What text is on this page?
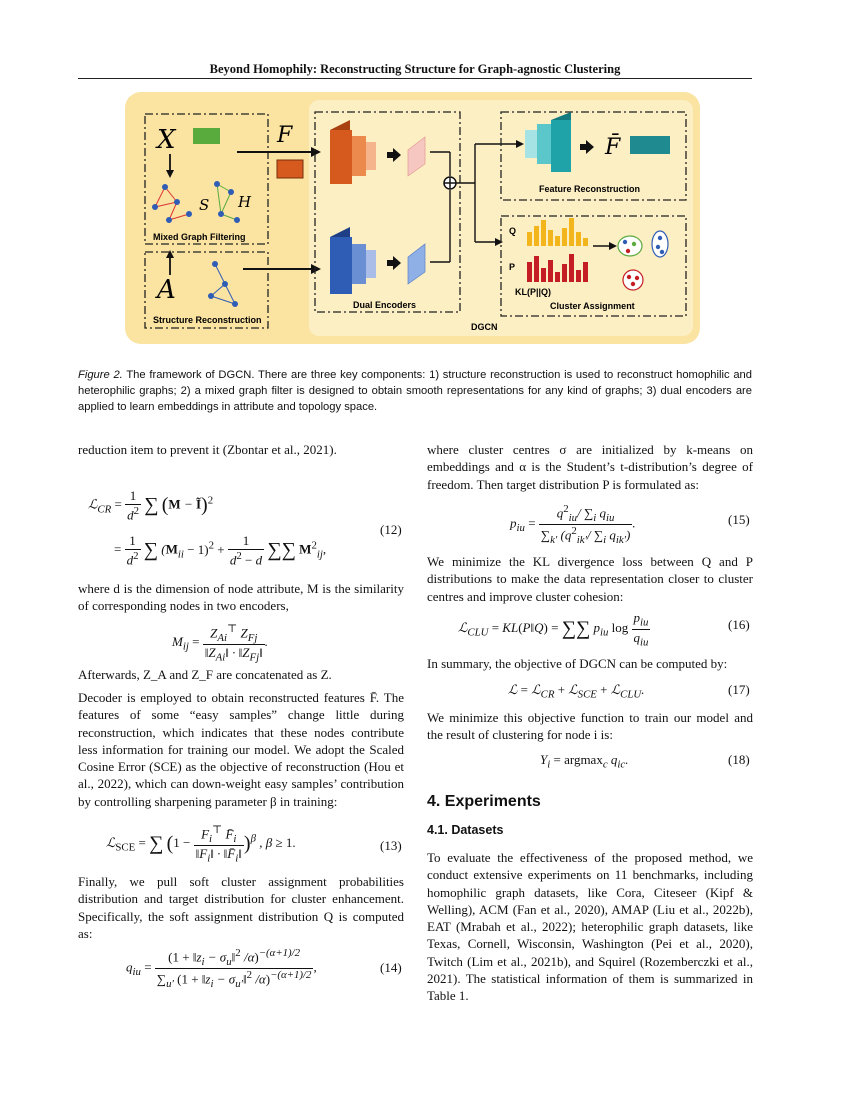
Beyond Homophily: Reconstructing Structure for Graph-agnostic Clustering
X
S H
Mixed Graph Filtering
A
Structure Reconstruction
F
Dual Encoders
F̄
Feature Reconstruction
Q
P
KL(P||Q)
Cluster Assignment
DGCN
Figure 2. The framework of DGCN. There are three key components: 1) structure reconstruction is used to reconstruct homophilic and heterophilic graphs; 2) a mixed graph filter is designed to obtain smooth representations for any kind of graphs; 3) dual encoders are applied to learn embeddings in attribute and topology space.
reduction item to prevent it (Zbontar et al., 2021).
ℒ$_{CR}$ = $\frac{1}{d^2}$ ∑ (M − Ĩ)$^2$
= $\frac{1}{d^2}$ ∑ $(M_{ii} - 1)^2 + \frac{1}{d^2 - d}$ ∑∑ $M^2_{ij}$,
(12)
where d is the dimension of node attribute, M is the similarity of corresponding nodes in two encoders,
$M_{ij} = \frac{Z_{Ai}^⊤ Z_{Fj}}{‖Z_{Ai}‖ \cdot ‖Z_{Fj}‖}$ .
Afterwards, Z_A and Z_F are concatenated as Z.
Decoder is employed to obtain reconstructed features F̄. The features of some “easy samples” change little during reconstruction, which indicates that these nodes contribute less information for training our model. We adopt the Scaled Cosine Error (SCE) as the objective of reconstruction (Hou et al., 2022), which can down-weight easy samples’ contribution by controlling sharpening parameter β in training:
ℒ$_{SCE}$ = ∑ $(1 - \frac{F_i^⊤ F̄_i}{‖F_i‖ \cdot ‖F̄_i‖} )^\beta$ , β ≥ 1.	(13)
Finally, we pull soft cluster assignment probabilities distribution and target distribution for cluster enhancement. Specifically, the soft assignment distribution Q is computed as:
$q_{iu} = \frac{(1 + ‖z_i - \sigma_u‖^2 /\alpha)^{-(\alpha+1)/2}}{\sum_{u'} (1 + ‖z_i - \sigma_{u'}‖^2 /\alpha)^{-(\alpha+1)/2}}$ ,	(14)
where cluster centres σ are initialized by k-means on embeddings and α is the Student’s t-distribution’s degree of freedom. Then target distribution P is formulated as:
$p_{iu} = \frac{q^2_{iu}/ \sum_i q_{iu}}{\sum_{k'} (q^2_{ik'}/ \sum_i q_{ik'})}$ .	(15)
We minimize the KL divergence loss between Q and P distributions to make the data representation closer to cluster centres and improve cluster cohesion:
ℒ$_{CLU}$ = KL(P‖Q) = ∑∑ $p_{iu}$ $\log \frac{p_{iu}}{q_{iu}}$	(16)
In summary, the objective of DGCN can be computed by:
ℒ = ℒ$_{CR}$ + ℒ$_{SCE}$ + ℒ$_{CLU}$.	(17)
We minimize this objective function to train our model and the result of clustering for node i is:
$Y_i = argmax_c$ $q_{ic}$.	(18)
4. Experiments
4.1. Datasets
To evaluate the effectiveness of the proposed method, we conduct extensive experiments on 11 benchmarks, including homophilic graph datasets, like Cora, Citeseer (Kipf & Welling), ACM (Fan et al., 2020), AMAP (Liu et al., 2022b), EAT (Mrabah et al., 2022); heterophilic graph datasets, like Texas, Cornell, Wisconsin, Washington (Pei et al., 2020), Twitch (Lim et al., 2021b), and Squirel (Rozemberczki et al., 2021). The statistical information of them is summarized in Table 1.
